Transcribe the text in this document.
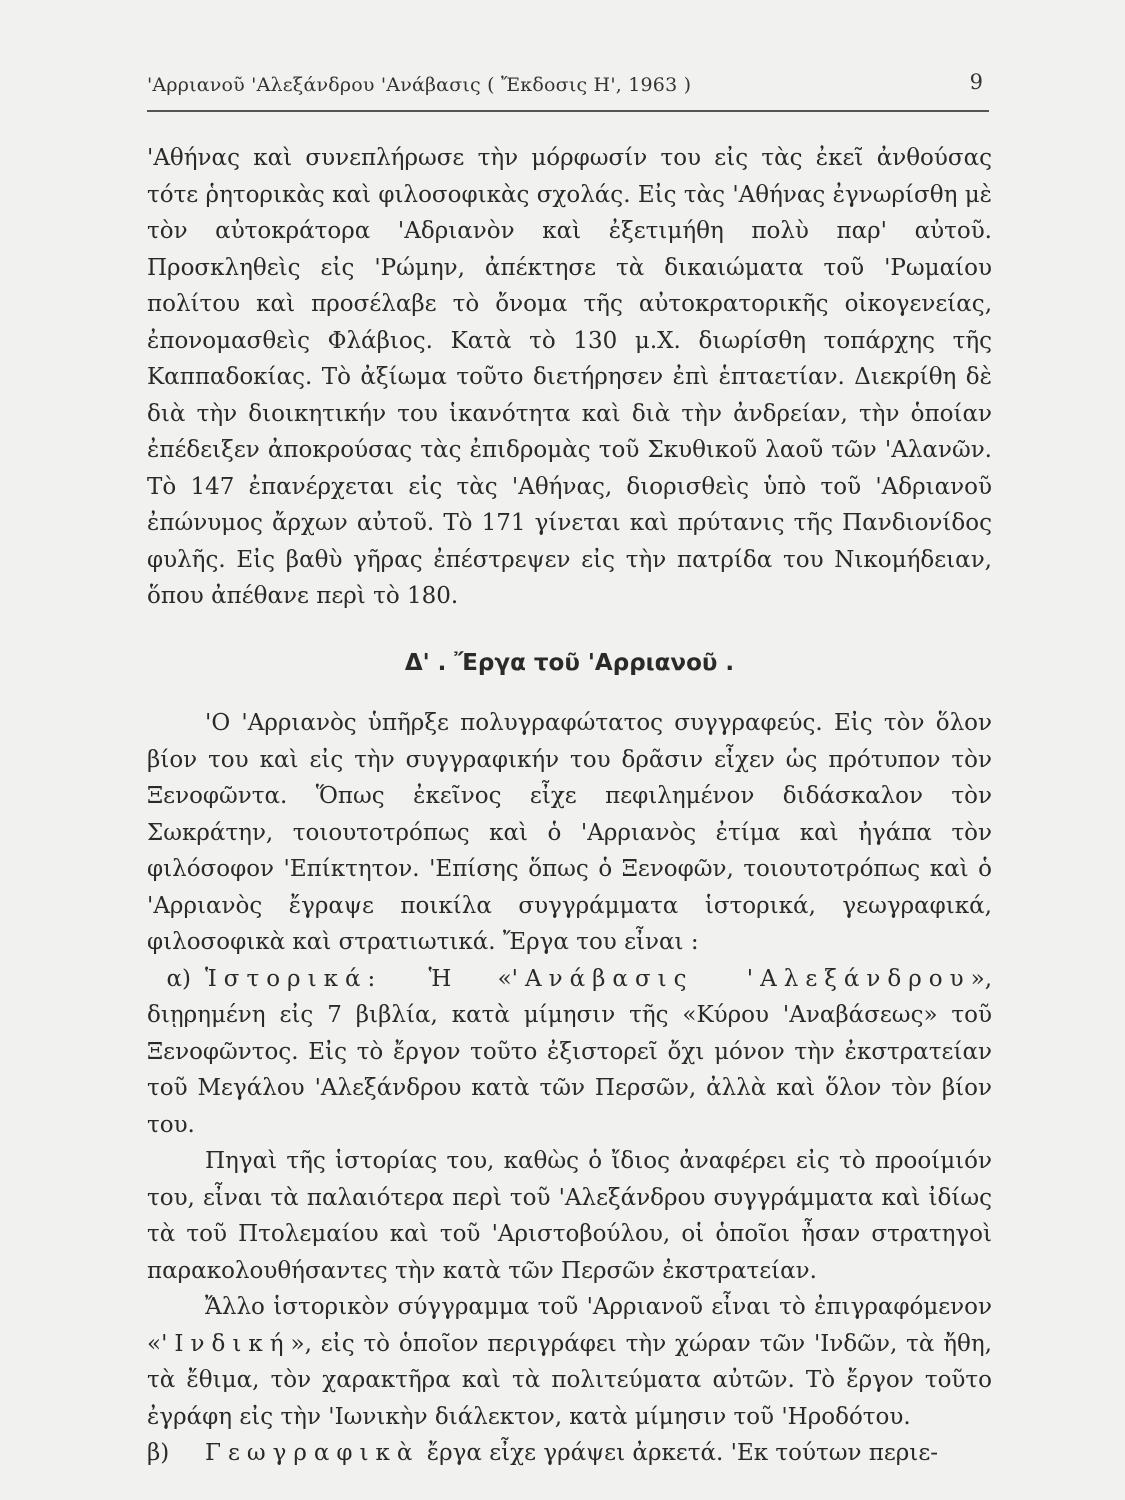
'Αρριανοῦ 'Αλεξάνδρου 'Ανάβασις ( Ἔκδοσις Η', 1963 )	9

'Αθήνας καὶ συνεπλήρωσε τὴν μόρφωσίν του εἰς τὰς ἐκεῖ ἀνθούσας τότε ῥητορικὰς καὶ φιλοσοφικὰς σχολάς. Εἰς τὰς 'Αθήνας ἐγνωρίσθη μὲ τὸν αὐτοκράτορα 'Αδριανὸν καὶ ἐξετιμήθη πολὺ παρ' αὐτοῦ. Προσκληθεὶς εἰς 'Ρώμην, ἀπέκτησε τὰ δικαιώματα τοῦ 'Ρωμαίου πολίτου καὶ προσέλαβε τὸ ὄνομα τῆς αὐτοκρατορικῆς οἰκογενείας, ἐπονομασθεὶς Φλάβιος. Κατὰ τὸ 130 μ.Χ. διωρίσθη τοπάρχης τῆς Καππαδοκίας. Τὸ ἀξίωμα τοῦτο διετήρησεν ἐπὶ ἑπταετίαν. Διεκρίθη δὲ διὰ τὴν διοικητικήν του ἱκανότητα καὶ διὰ τὴν ἀνδρείαν, τὴν ὁποίαν ἐπέδειξεν ἀποκρούσας τὰς ἐπιδρομὰς τοῦ Σκυθικοῦ λαοῦ τῶν 'Αλανῶν. Τὸ 147 ἐπανέρχεται εἰς τὰς 'Αθήνας, διορισθεὶς ὑπὸ τοῦ 'Αδριανοῦ ἐπώνυμος ἄρχων αὐτοῦ. Τὸ 171 γίνεται καὶ πρύτανις τῆς Πανδιονίδος φυλῆς. Εἰς βαθὺ γῆρας ἐπέστρεψεν εἰς τὴν πατρίδα του Νικομήδειαν, ὅπου ἀπέθανε περὶ τὸ 180.

Δ' . Ἔργα τοῦ 'Αρριανοῦ .

'Ο 'Αρριανὸς ὑπῆρξε πολυγραφώτατος συγγραφεύς. Εἰς τὸν ὅλον βίον του καὶ εἰς τὴν συγγραφικήν του δρᾶσιν εἶχεν ὡς πρότυπον τὸν Ξενοφῶντα. Ὅπως ἐκεῖνος εἶχε πεφιλημένον διδάσκαλον τὸν Σωκράτην, τοιουτοτρόπως καὶ ὁ 'Αρριανὸς ἐτίμα καὶ ἠγάπα τὸν φιλόσοφον 'Επίκτητον. 'Επίσης ὅπως ὁ Ξενοφῶν, τοιουτοτρόπως καὶ ὁ 'Αρριανὸς ἔγραψε ποικίλα συγγράμματα ἱστορικά, γεωγραφικά, φιλοσοφικὰ καὶ στρατιωτικά. Ἔργα του εἶναι :

α) Ἱστορικά: Ἡ «'Ανάβασις 'Αλεξάνδρου», διῃρημένη εἰς 7 βιβλία, κατὰ μίμησιν τῆς «Κύρου 'Αναβάσεως» τοῦ Ξενοφῶντος. Εἰς τὸ ἔργον τοῦτο ἐξιστορεῖ ὄχι μόνον τὴν ἐκστρατείαν τοῦ Μεγάλου 'Αλεξάνδρου κατὰ τῶν Περσῶν, ἀλλὰ καὶ ὅλον τὸν βίον του.

Πηγαὶ τῆς ἱστορίας του, καθὼς ὁ ἴδιος ἀναφέρει εἰς τὸ προοίμιόν του, εἶναι τὰ παλαιότερα περὶ τοῦ 'Αλεξάνδρου συγγράμματα καὶ ἰδίως τὰ τοῦ Πτολεμαίου καὶ τοῦ 'Αριστοβούλου, οἱ ὁποῖοι ἦσαν στρατηγοὶ παρακολουθήσαντες τὴν κατὰ τῶν Περσῶν ἐκστρατείαν.

Ἄλλο ἱστορικὸν σύγγραμμα τοῦ 'Αρριανοῦ εἶναι τὸ ἐπιγραφόμενον «'Ινδική», εἰς τὸ ὁποῖον περιγράφει τὴν χώραν τῶν 'Ινδῶν, τὰ ἤθη, τὰ ἔθιμα, τὸν χαρακτῆρα καὶ τὰ πολιτεύματα αὐτῶν. Τὸ ἔργον τοῦτο ἐγράφη εἰς τὴν 'Ιωνικὴν διάλεκτον, κατὰ μίμησιν τοῦ 'Ηροδότου.

β) Γεωγραφικὰ ἔργα εἶχε γράψει ἀρκετά. 'Εκ τούτων περιε-
